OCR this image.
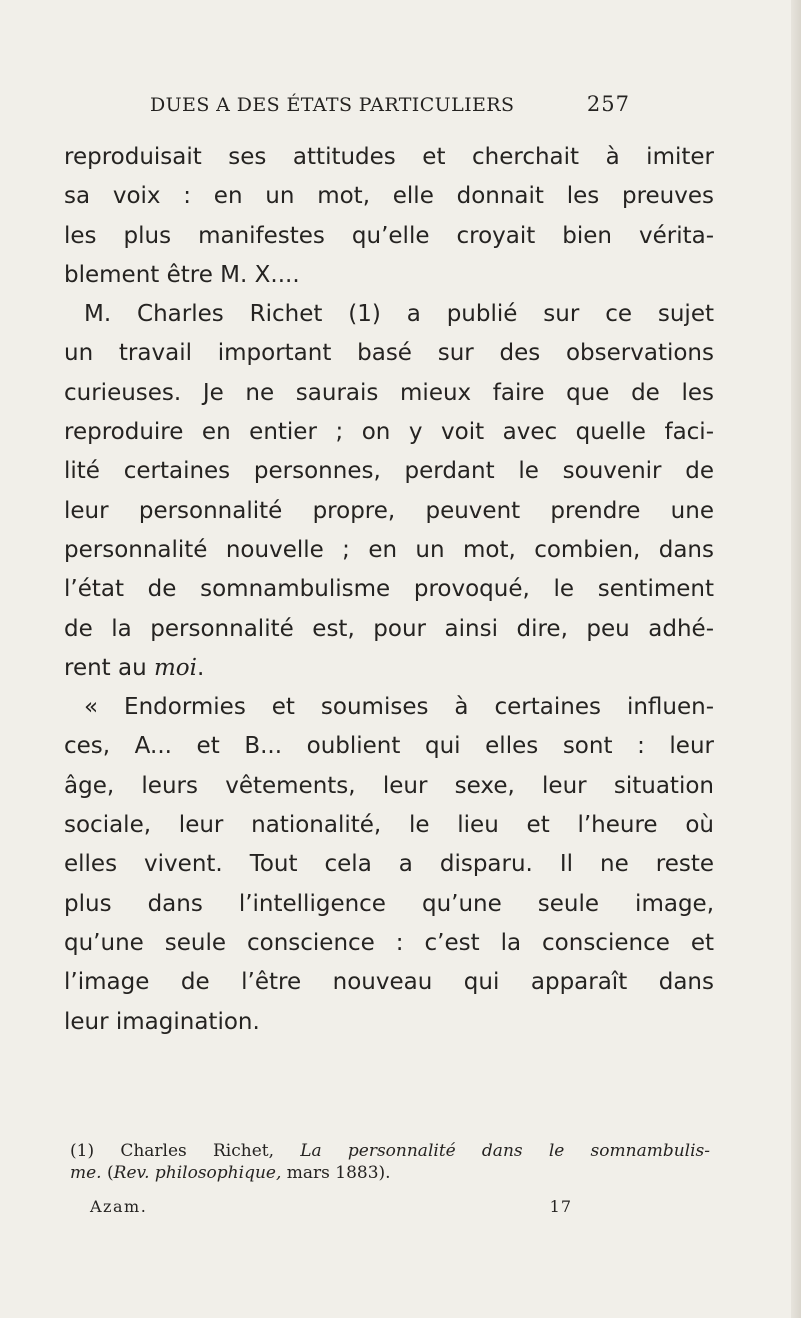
DUES A DES ÉTATS PARTICULIERS	257
reproduisait ses attitudes et cherchait à imiter
sa voix : en un mot, elle donnait les preuves
les plus manifestes qu’elle croyait bien vérita-
blement être M. X....
M. Charles Richet (1) a publié sur ce sujet
un travail important basé sur des observations
curieuses. Je ne saurais mieux faire que de les
reproduire en entier ; on y voit avec quelle faci-
lité certaines personnes, perdant le souvenir de
leur personnalité propre, peuvent prendre une
personnalité nouvelle ; en un mot, combien, dans
l’état de somnambulisme provoqué, le sentiment
de la personnalité est, pour ainsi dire, peu adhé-
rent au moi.
« Endormies et soumises à certaines influen-
ces, A... et B... oublient qui elles sont : leur
âge, leurs vêtements, leur sexe, leur situation
sociale, leur nationalité, le lieu et l’heure où
elles vivent. Tout cela a disparu. Il ne reste
plus dans l’intelligence qu’une seule image,
qu’une seule conscience : c’est la conscience et
l’image de l’être nouveau qui apparaît dans
leur imagination.
(1) Charles Richet, La personnalité dans le somnambulis-
me. (Rev. philosophique, mars 1883).
Azam.	17
